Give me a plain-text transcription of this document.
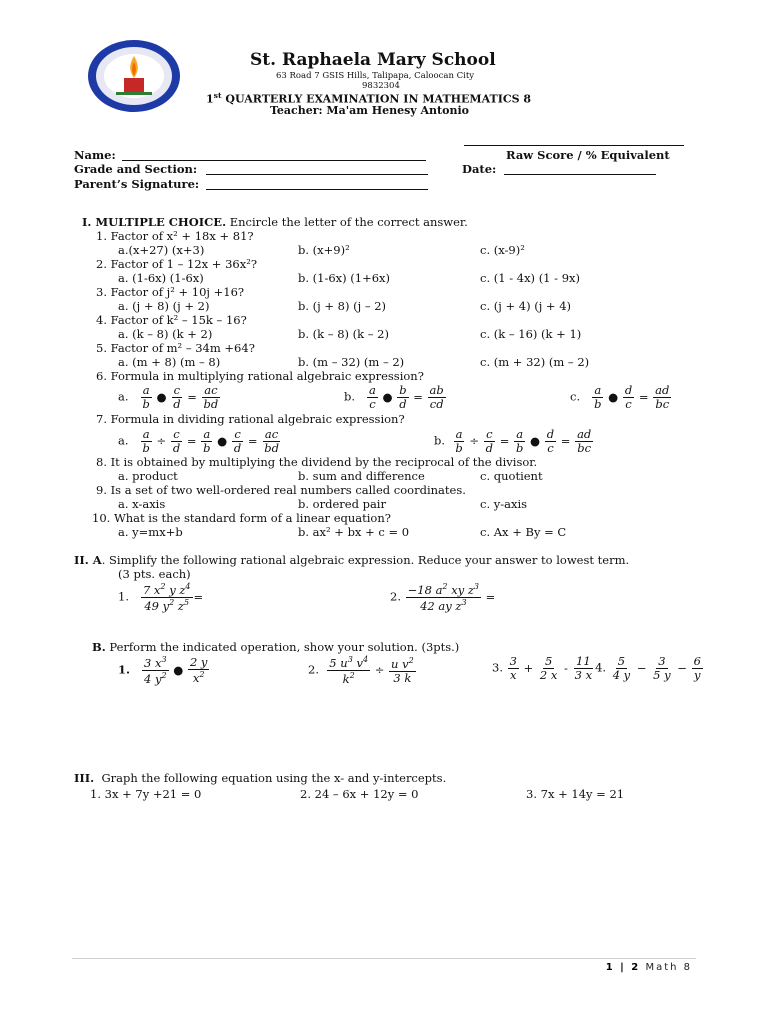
St. Raphaela Mary School
63 Road 7 GSIS Hills, Talipapa, Caloocan City
9832304
1st QUARTERLY EXAMINATION IN MATHEMATICS 8
Teacher: Ma'am Henesy Antonio
Name:
Grade and Section:
Parent’s Signature:
Raw Score / % Equivalent
Date:
I. MULTIPLE CHOICE. Encircle the letter of the correct answer.
1. Factor of x² + 18x + 81?
a.(x+27) (x+3)	b. (x+9)²	c. (x-9)²
2. Factor of 1 – 12x + 36x²?
a. (1-6x) (1-6x)	b. (1-6x) (1+6x)	c. (1 - 4x) (1 - 9x)
3. Factor of j² + 10j +16?
a. (j + 8) (j + 2)	b. (j + 8) (j – 2)	c. (j + 4) (j + 4)
4. Factor of k² – 15k – 16?
a. (k – 8) (k + 2)	b. (k – 8) (k – 2)	c. (k – 16) (k + 1)
5. Factor of m² – 34m +64?
a. (m + 8) (m – 8)	b. (m – 32) (m – 2)	c. (m + 32) (m – 2)
6. Formula in multiplying rational algebraic expression?
a. $\frac{a}{b}$ ● $\frac{c}{d} = \frac{ac}{bd}$	b. $\frac{a}{c}$ ● $\frac{b}{d} = \frac{ab}{cd}$	c. $\frac{a}{b}$ ● $\frac{d}{c} = \frac{ad}{bc}$
7. Formula in dividing rational algebraic expression?
a. $\frac{a}{b} \div \frac{c}{d} = \frac{a}{b}$ ● $\frac{c}{d} = \frac{ac}{bd}$	b. $\frac{a}{b} \div \frac{c}{d} = \frac{a}{b}$ ● $\frac{d}{c} = \frac{ad}{bc}$
8. It is obtained by multiplying the dividend by the reciprocal of the divisor.
a. product	b. sum and difference	c. quotient
9. Is a set of two well-ordered real numbers called coordinates.
a. x-axis	b. ordered pair	c. y-axis
10. What is the standard form of a linear equation?
a. y=mx+b	b. ax² + bx + c = 0	c. Ax + By = C
II. A. Simplify the following rational algebraic expression. Reduce your answer to lowest term.
(3 pts. each)
1. $\frac{7 x^2 y z^4}{49 y^2 z^5}$ =	2. $\frac{-18 a^2 xy z^3}{42 ay z^3}$ =
B. Perform the indicated operation, show your solution. (3pts.)
1. $\frac{3 x^3}{4 y^2}$ ● $\frac{2 y}{x^2}$	2. $\frac{5 u^3 v^4}{k^2} \div \frac{u v^2}{3 k}$	3. $\frac{3}{x} + \frac{5}{2 x} - \frac{11}{3 x} 4$. $\frac{5}{4 y} - \frac{3}{5 y} - \frac{6}{y}$
III. Graph the following equation using the x- and y-intercepts.
1. 3x + 7y +21 = 0	2. 24 – 6x + 12y = 0	3. 7x + 14y = 21
1 | 2 Math 8
